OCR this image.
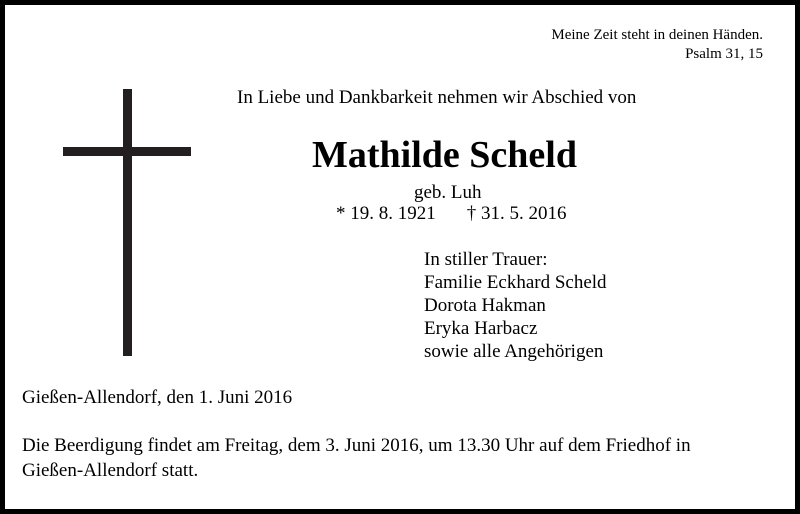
Meine Zeit steht in deinen Händen.
Psalm 31, 15
In Liebe und Dankbarkeit nehmen wir Abschied von
Mathilde Scheld
geb. Luh
* 19. 8. 1921 † 31. 5. 2016
In stiller Trauer:
Familie Eckhard Scheld
Dorota Hakman
Eryka Harbacz
sowie alle Angehörigen
Gießen-Allendorf, den 1. Juni 2016
Die Beerdigung findet am Freitag, dem 3. Juni 2016, um 13.30 Uhr auf dem Friedhof in
Gießen-Allendorf statt.
